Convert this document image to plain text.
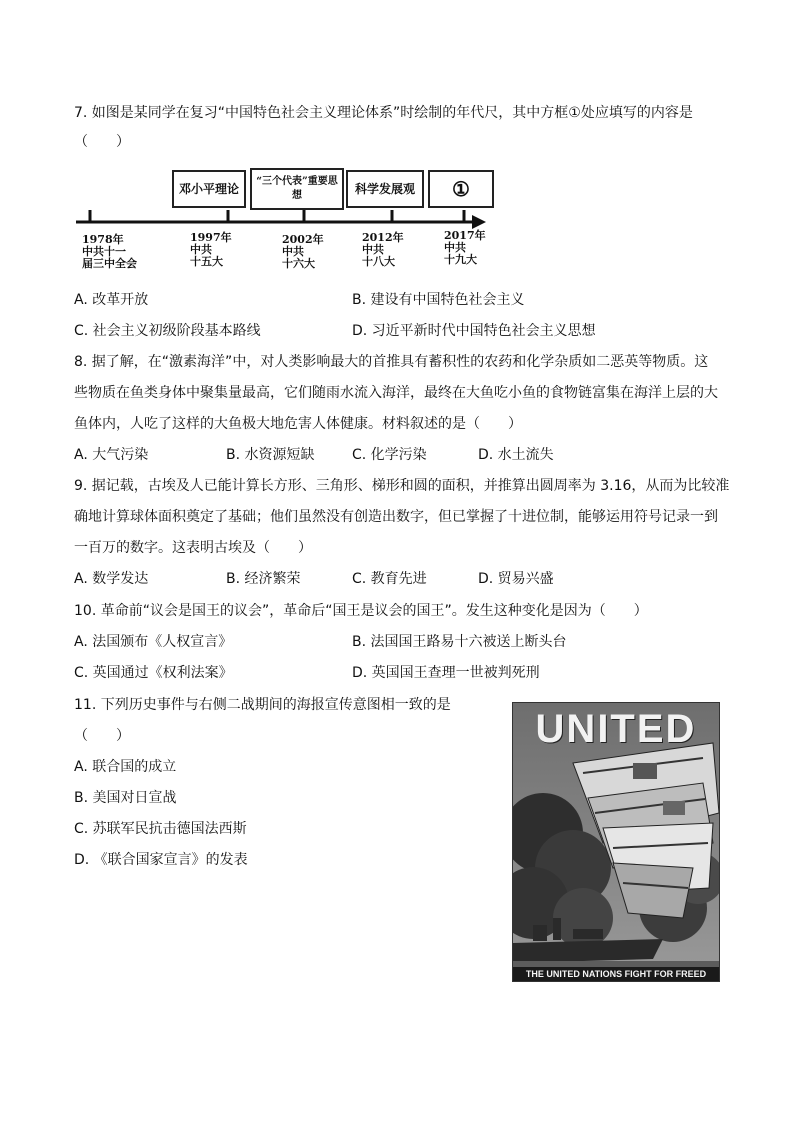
7. 如图是某同学在复习“中国特色社会主义理论体系”时绘制的年代尺，其中方框①处应填写的内容是
（　　）
邓小平理论
“三个代表”重要思想	科学发展观	①
1978年
中共十一
届三中全会
1997年
中共
十五大
2002年
中共
十六大
2012年
中共
十八大
2017年
中共
十九大
A. 改革开放	B. 建设有中国特色社会主义
C. 社会主义初级阶段基本路线	D. 习近平新时代中国特色社会主义思想
8. 据了解，在“激素海洋”中，对人类影响最大的首推具有蓄积性的农药和化学杂质如二恶英等物质。这
些物质在鱼类身体中聚集量最高，它们随雨水流入海洋，最终在大鱼吃小鱼的食物链富集在海洋上层的大
鱼体内，人吃了这样的大鱼极大地危害人体健康。材料叙述的是（　　）
A. 大气污染	B. 水资源短缺	C. 化学污染	D. 水土流失
9. 据记载，古埃及人已能计算长方形、三角形、梯形和圆的面积，并推算出圆周率为 3.16，从而为比较准
确地计算球体面积奠定了基础；他们虽然没有创造出数字，但已掌握了十进位制，能够运用符号记录一到
一百万的数字。这表明古埃及（　　）
A. 数学发达	B. 经济繁荣	C. 教育先进	D. 贸易兴盛
10. 革命前“议会是国王的议会”，革命后“国王是议会的国王”。发生这种变化是因为（　　）
A. 法国颁布《人权宣言》	B. 法国国王路易十六被送上断头台
C. 英国通过《权利法案》	D. 英国国王查理一世被判死刑
11. 下列历史事件与右侧二战期间的海报宣传意图相一致的是
（　　）
A. 联合国的成立
B. 美国对日宣战
C. 苏联军民抗击德国法西斯
D. 《联合国家宣言》的发表
UNITED
THE UNITED NATIONS FIGHT FOR FREED
